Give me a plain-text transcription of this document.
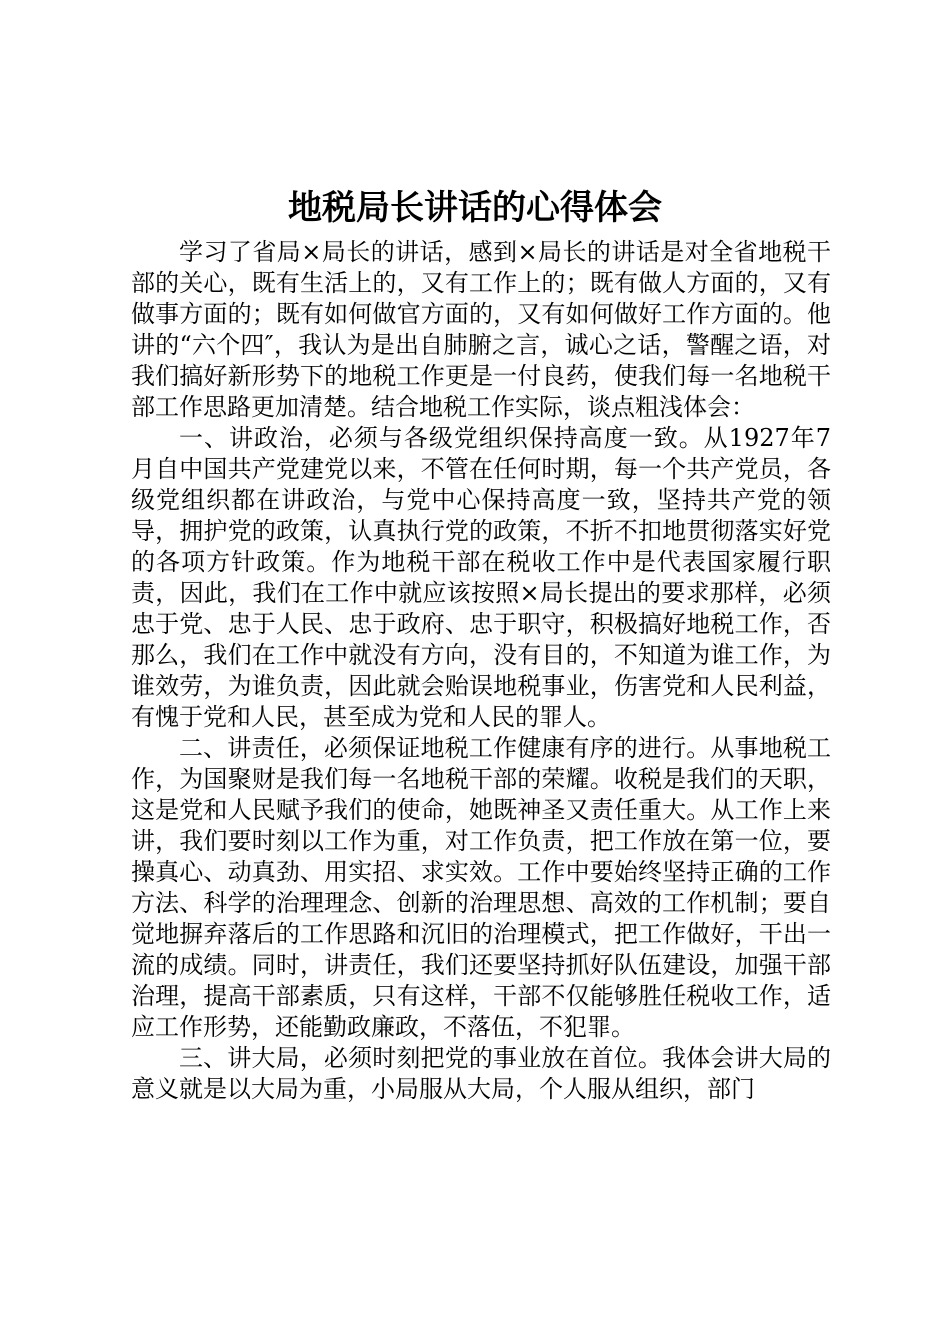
地税局长讲话的心得体会

学习了省局×局长的讲话，感到×局长的讲话是对全省地税干部的关心，既有生活上的，又有工作上的；既有做人方面的，又有做事方面的；既有如何做官方面的，又有如何做好工作方面的。他讲的“六个四″，我认为是出自肺腑之言，诚心之话，警醒之语，对我们搞好新形势下的地税工作更是一付良药，使我们每一名地税干部工作思路更加清楚。结合地税工作实际，谈点粗浅体会：

一、讲政治，必须与各级党组织保持高度一致。从1927年7月自中国共产党建党以来，不管在任何时期，每一个共产党员，各级党组织都在讲政治，与党中心保持高度一致，坚持共产党的领导，拥护党的政策，认真执行党的政策，不折不扣地贯彻落实好党的各项方针政策。作为地税干部在税收工作中是代表国家履行职责，因此，我们在工作中就应该按照×局长提出的要求那样，必须忠于党、忠于人民、忠于政府、忠于职守，积极搞好地税工作，否那么，我们在工作中就没有方向，没有目的，不知道为谁工作，为谁效劳，为谁负责，因此就会贻误地税事业，伤害党和人民利益，有愧于党和人民，甚至成为党和人民的罪人。

二、讲责任，必须保证地税工作健康有序的进行。从事地税工作，为国聚财是我们每一名地税干部的荣耀。收税是我们的天职，这是党和人民赋予我们的使命，她既神圣又责任重大。从工作上来讲，我们要时刻以工作为重，对工作负责，把工作放在第一位，要操真心、动真劲、用实招、求实效。工作中要始终坚持正确的工作方法、科学的治理理念、创新的治理思想、高效的工作机制；要自觉地摒弃落后的工作思路和沉旧的治理模式，把工作做好，干出一流的成绩。同时，讲责任，我们还要坚持抓好队伍建设，加强干部治理，提高干部素质，只有这样，干部不仅能够胜任税收工作，适应工作形势，还能勤政廉政，不落伍，不犯罪。

三、讲大局，必须时刻把党的事业放在首位。我体会讲大局的意义就是以大局为重，小局服从大局，个人服从组织，部门
